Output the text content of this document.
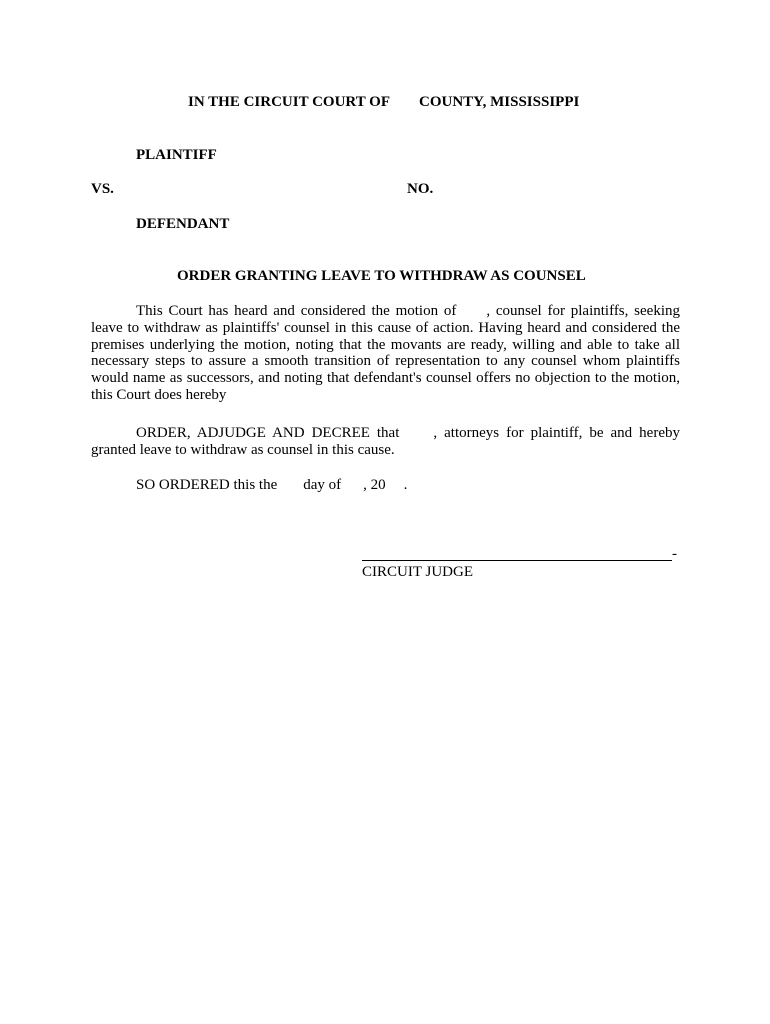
IN THE CIRCUIT COURT OF COUNTY, MISSISSIPPI
PLAINTIFF
VS.	NO.
DEFENDANT
ORDER GRANTING LEAVE TO WITHDRAW AS COUNSEL
This Court has heard and considered the motion of , counsel for plaintiffs, seeking leave to withdraw as plaintiffs' counsel in this cause of action. Having heard and considered the premises underlying the motion, noting that the movants are ready, willing and able to take all necessary steps to assure a smooth transition of representation to any counsel whom plaintiffs would name as successors, and noting that defendant's counsel offers no objection to the motion, this Court does hereby
ORDER, ADJUDGE AND DECREE that , attorneys for plaintiff, be and hereby granted leave to withdraw as counsel in this cause.
SO ORDERED this the day of , 20 .
-
CIRCUIT JUDGE
